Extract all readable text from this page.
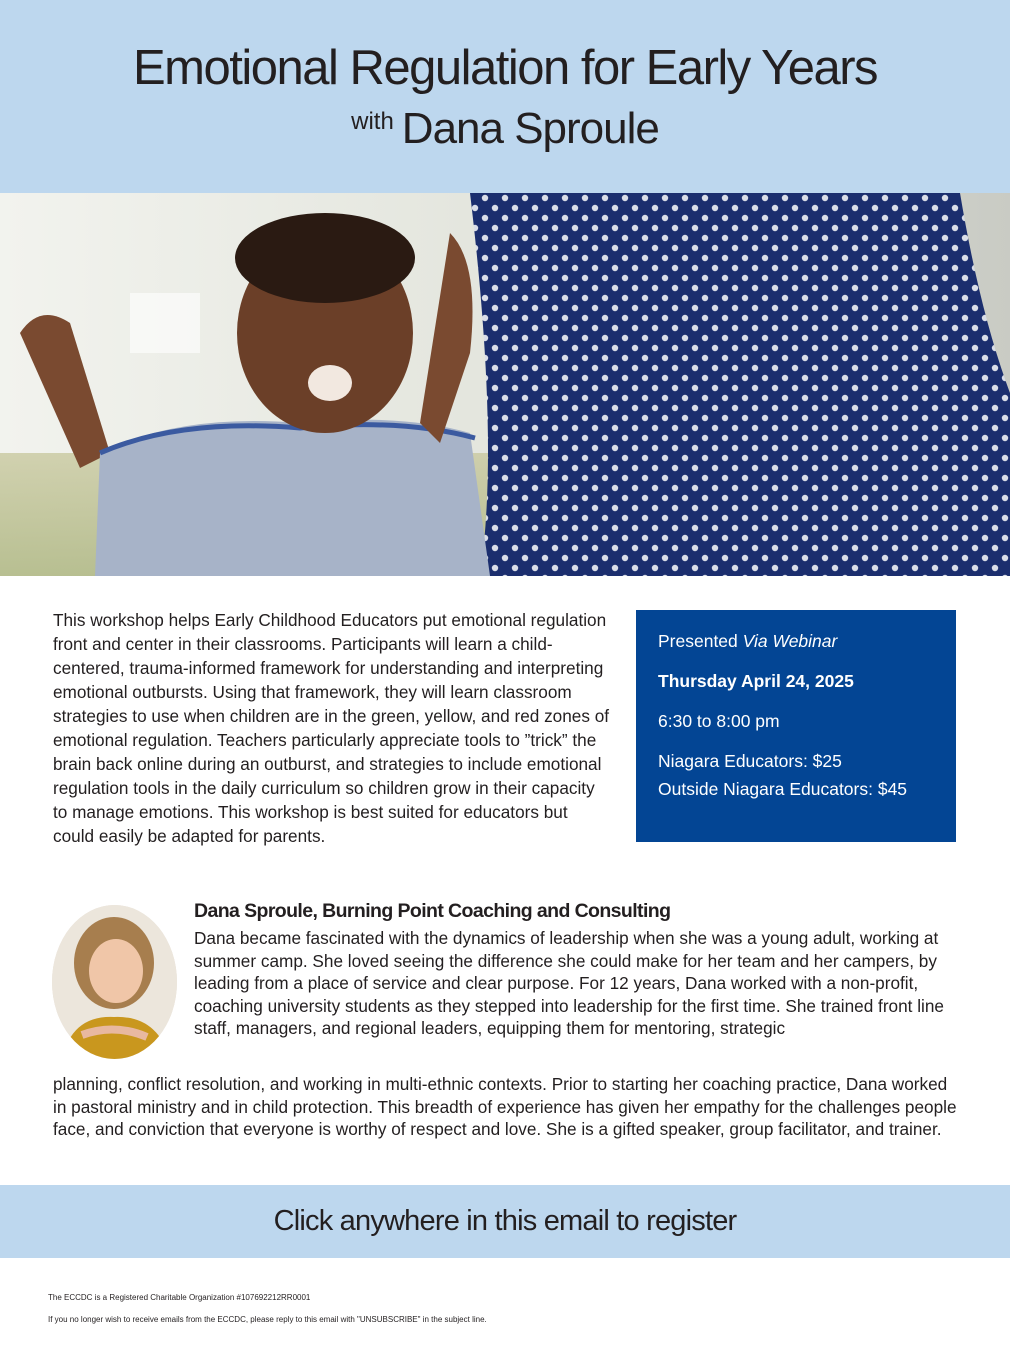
Emotional Regulation for Early Years
$^{with}$ Dana Sproule

This workshop helps Early Childhood Educators put emotional regulation front and center in their classrooms. Participants will learn a child-centered, trauma-informed framework for understanding and interpreting emotional outbursts. Using that framework, they will learn classroom strategies to use when children are in the green, yellow, and red zones of emotional regulation. Teachers particularly appreciate tools to ”trick” the brain back online during an outburst, and strategies to include emotional regulation tools in the daily curriculum so children grow in their capacity to manage emotions. This workshop is best suited for educators but could easily be adapted for parents.

Presented Via Webinar

Thursday April 24, 2025

6:30 to 8:00 pm

Niagara Educators: $25

Outside Niagara Educators: $45

Dana Sproule, Burning Point Coaching and Consulting

Dana became fascinated with the dynamics of leadership when she was a young adult, working at summer camp. She loved seeing the difference she could make for her team and her campers, by leading from a place of service and clear purpose. For 12 years, Dana worked with a non-profit, coaching university students as they stepped into leadership for the first time. She trained front line staff, managers, and regional leaders, equipping them for mentoring, strategic

planning, conflict resolution, and working in multi-ethnic contexts. Prior to starting her coaching practice, Dana worked in pastoral ministry and in child protection. This breadth of experience has given her empathy for the challenges people face, and conviction that everyone is worthy of respect and love. She is a gifted speaker, group facilitator, and trainer.

Click anywhere in this email to register
The ECCDC is a Registered Charitable Organization #107692212RR0001
If you no longer wish to receive emails from the ECCDC, please reply to this email with "UNSUBSCRIBE" in the subject line.
